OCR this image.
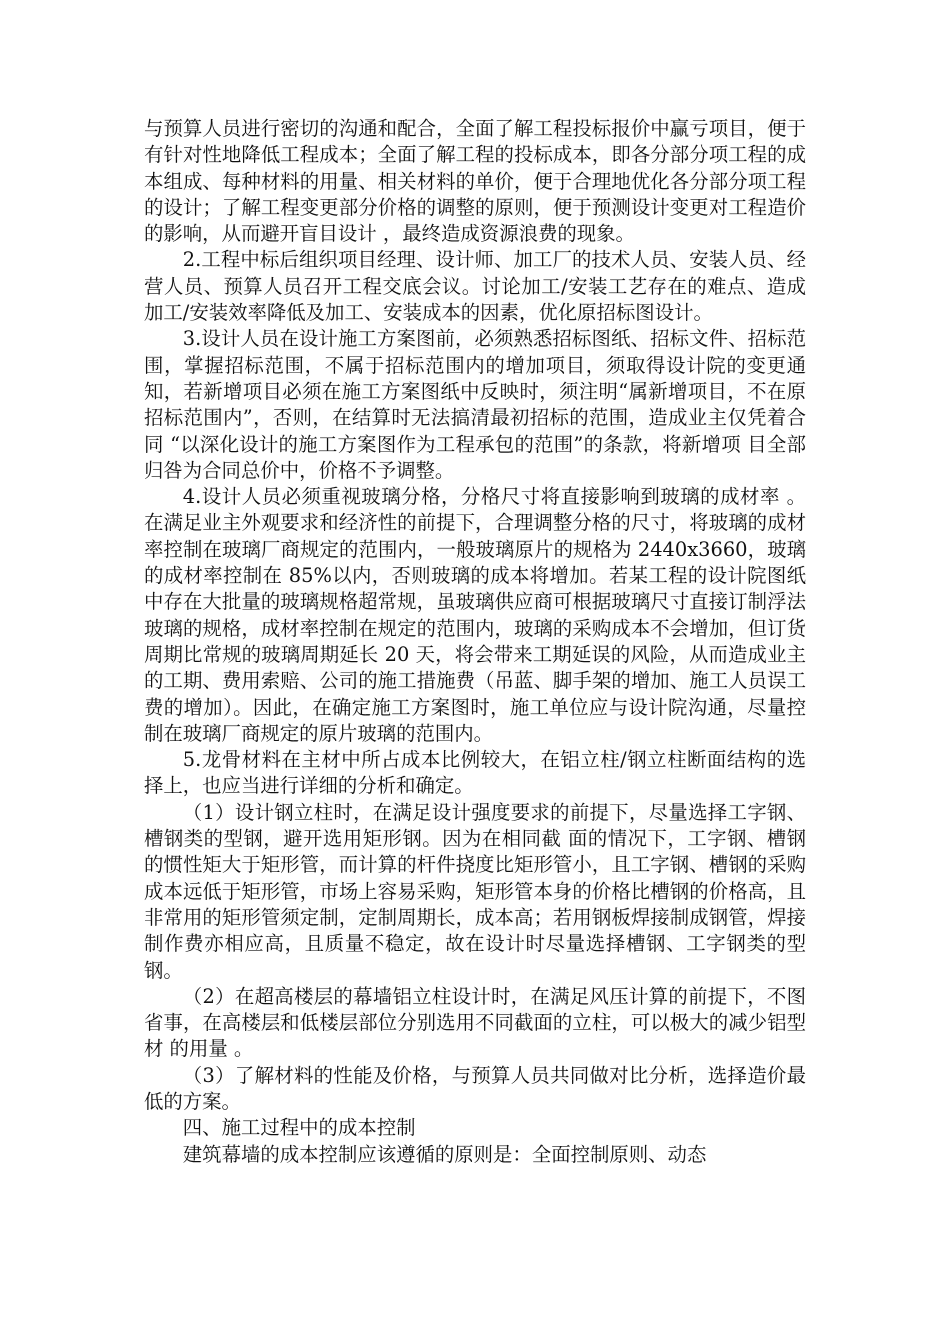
与预算人员进行密切的沟通和配合，全面了解工程投标报价中赢亏项目，便于有针对性地降低工程成本；全面了解工程的投标成本，即各分部分项工程的成本组成、每种材料的用量、相关材料的单价，便于合理地优化各分部分项工程的设计；了解工程变更部分价格的调整的原则，便于预测设计变更对工程造价的影响，从而避开盲目设计 ，最终造成资源浪费的现象。

2.工程中标后组织项目经理、设计师、加工厂的技术人员、安装人员、经营人员、预算人员召开工程交底会议。讨论加工/安装工艺存在的难点、造成加工/安装效率降低及加工、安装成本的因素，优化原招标图设计。

3.设计人员在设计施工方案图前，必须熟悉招标图纸、招标文件、招标范围，掌握招标范围，不属于招标范围内的增加项目，须取得设计院的变更通知，若新增项目必须在施工方案图纸中反映时，须注明“属新增项目，不在原招标范围内”，否则，在结算时无法搞清最初招标的范围，造成业主仅凭着合同 “以深化设计的施工方案图作为工程承包的范围”的条款，将新增项 目全部归咎为合同总价中，价格不予调整。

4.设计人员必须重视玻璃分格，分格尺寸将直接影响到玻璃的成材率 。在满足业主外观要求和经济性的前提下，合理调整分格的尺寸，将玻璃的成材率控制在玻璃厂商规定的范围内，一般玻璃原片的规格为 2440x3660，玻璃的成材率控制在 85%以内，否则玻璃的成本将增加。若某工程的设计院图纸中存在大批量的玻璃规格超常规，虽玻璃供应商可根据玻璃尺寸直接订制浮法玻璃的规格，成材率控制在规定的范围内，玻璃的采购成本不会增加，但订货周期比常规的玻璃周期延长 20 天，将会带来工期延误的风险，从而造成业主的工期、费用索赔、公司的施工措施费（吊蓝、脚手架的增加、施工人员误工费的增加）。因此，在确定施工方案图时，施工单位应与设计院沟通，尽量控制在玻璃厂商规定的原片玻璃的范围内。

5.龙骨材料在主材中所占成本比例较大，在铝立柱/钢立柱断面结构的选择上，也应当进行详细的分析和确定。

（1）设计钢立柱时，在满足设计强度要求的前提下，尽量选择工字钢、槽钢类的型钢，避开选用矩形钢。因为在相同截 面的情况下，工字钢、槽钢的惯性矩大于矩形管，而计算的杆件挠度比矩形管小，且工字钢、槽钢的采购成本远低于矩形管，市场上容易采购，矩形管本身的价格比槽钢的价格高，且非常用的矩形管须定制，定制周期长，成本高；若用钢板焊接制成钢管，焊接制作费亦相应高，且质量不稳定，故在设计时尽量选择槽钢、工字钢类的型钢。

（2）在超高楼层的幕墙铝立柱设计时，在满足风压计算的前提下，不图省事，在高楼层和低楼层部位分别选用不同截面的立柱，可以极大的减少铝型材 的用量 。

（3）了解材料的性能及价格，与预算人员共同做对比分析，选择造价最低的方案。

四、施工过程中的成本控制

建筑幕墙的成本控制应该遵循的原则是：全面控制原则、动态
